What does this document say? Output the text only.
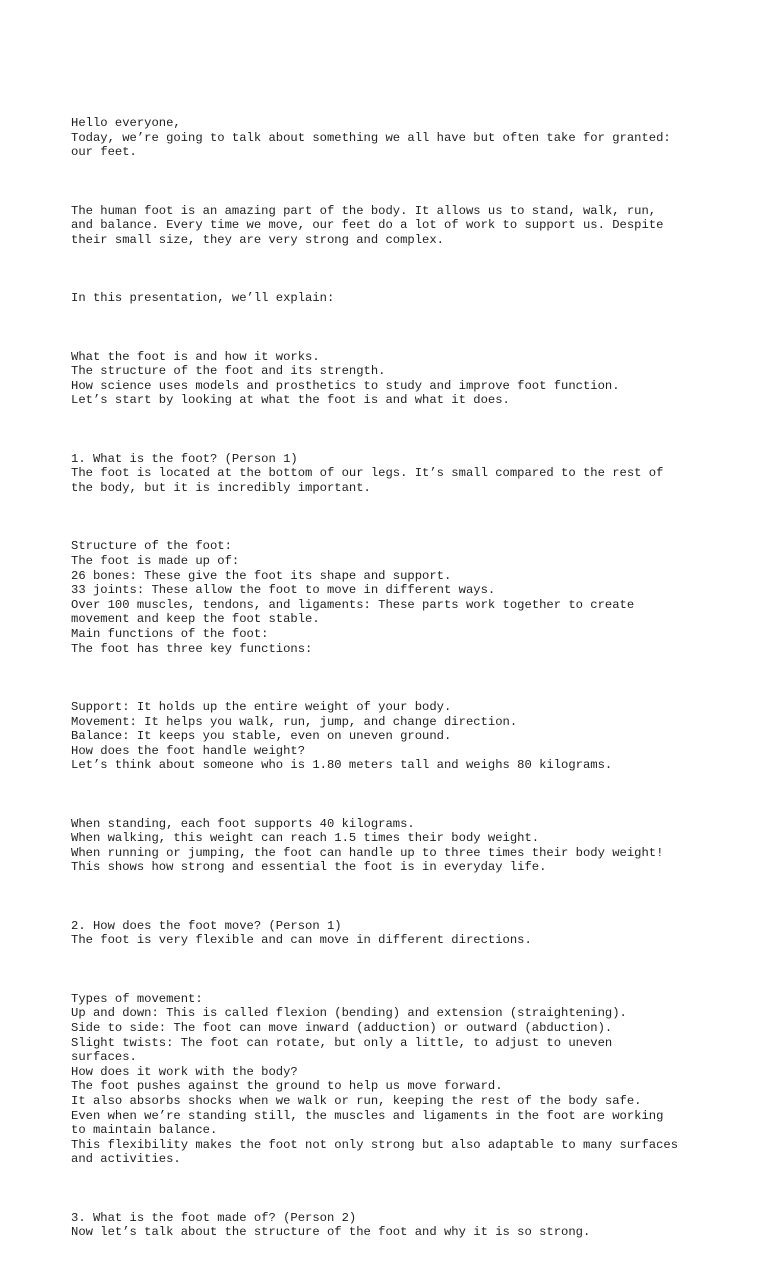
Hello everyone,
Today, we’re going to talk about something we all have but often take for granted:
our feet.

The human foot is an amazing part of the body. It allows us to stand, walk, run,
and balance. Every time we move, our feet do a lot of work to support us. Despite
their small size, they are very strong and complex.

In this presentation, we’ll explain:

What the foot is and how it works.
The structure of the foot and its strength.
How science uses models and prosthetics to study and improve foot function.
Let’s start by looking at what the foot is and what it does.

1. What is the foot? (Person 1)
The foot is located at the bottom of our legs. It’s small compared to the rest of
the body, but it is incredibly important.

Structure of the foot:
The foot is made up of:
26 bones: These give the foot its shape and support.
33 joints: These allow the foot to move in different ways.
Over 100 muscles, tendons, and ligaments: These parts work together to create
movement and keep the foot stable.
Main functions of the foot:
The foot has three key functions:

Support: It holds up the entire weight of your body.
Movement: It helps you walk, run, jump, and change direction.
Balance: It keeps you stable, even on uneven ground.
How does the foot handle weight?
Let’s think about someone who is 1.80 meters tall and weighs 80 kilograms.

When standing, each foot supports 40 kilograms.
When walking, this weight can reach 1.5 times their body weight.
When running or jumping, the foot can handle up to three times their body weight!
This shows how strong and essential the foot is in everyday life.

2. How does the foot move? (Person 1)
The foot is very flexible and can move in different directions.

Types of movement:
Up and down: This is called flexion (bending) and extension (straightening).
Side to side: The foot can move inward (adduction) or outward (abduction).
Slight twists: The foot can rotate, but only a little, to adjust to uneven
surfaces.
How does it work with the body?
The foot pushes against the ground to help us move forward.
It also absorbs shocks when we walk or run, keeping the rest of the body safe.
Even when we’re standing still, the muscles and ligaments in the foot are working
to maintain balance.
This flexibility makes the foot not only strong but also adaptable to many surfaces
and activities.

3. What is the foot made of? (Person 2)
Now let’s talk about the structure of the foot and why it is so strong.
